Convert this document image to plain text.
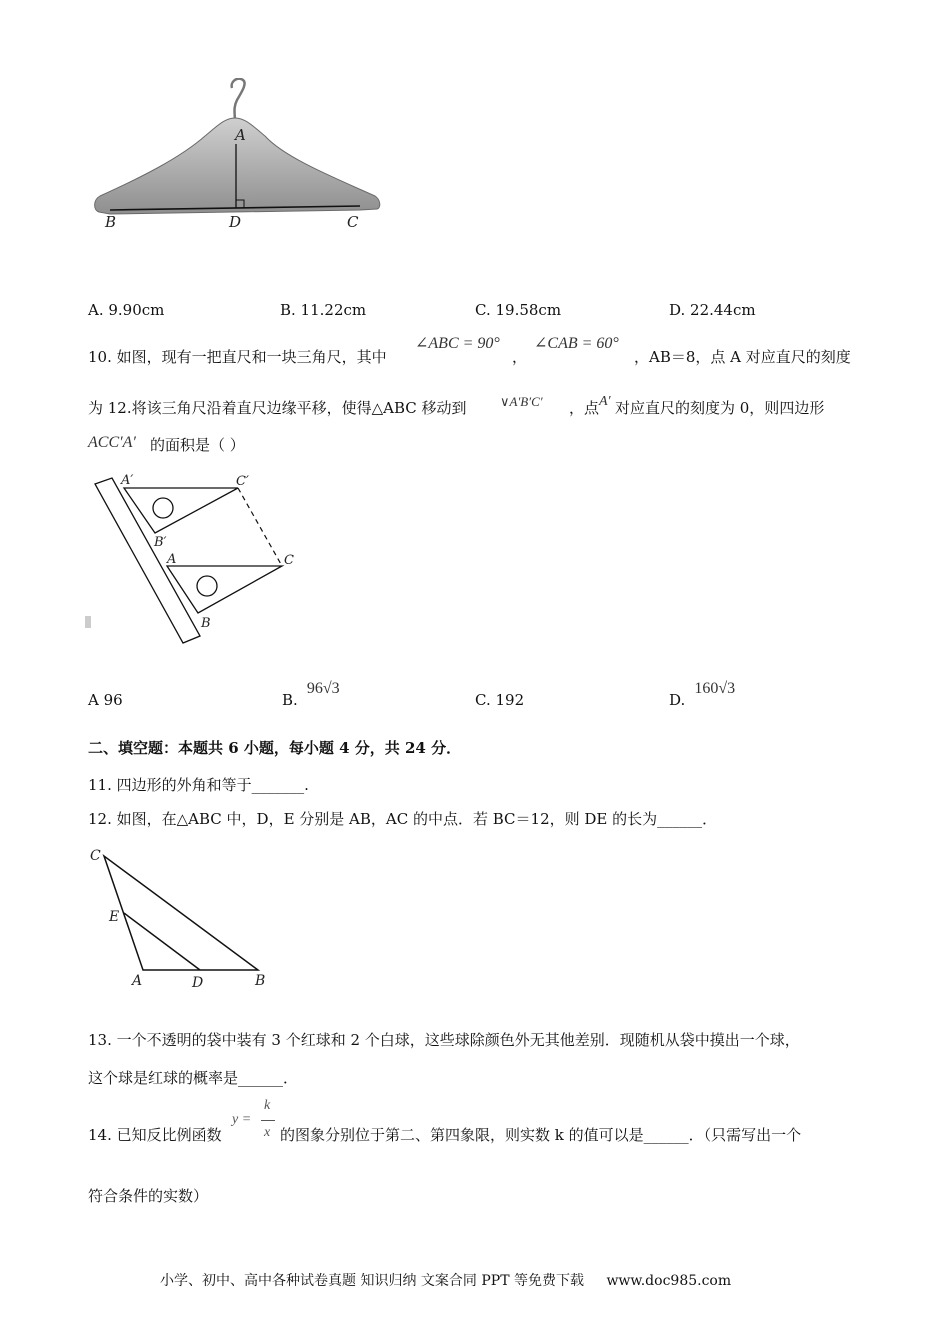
A
B	D	C
A. 9.90cm	B. 11.22cm	C. 19.58cm	D. 22.44cm
10. 如图，现有一把直尺和一块三角尺，其中
∠ABC = 90°
，
∠CAB = 60°
，AB＝8，点 A 对应直尺的刻度
为 12.将该三角尺沿着直尺边缘平移，使得△ABC 移动到	∨A′B′C′ ，点 A′ 对应直尺的刻度为 0，则四边形
ACC′A′ 的面积是（ ）
A′	C′
B′
A	C
B
A 96	B. 96√3
C. 192	D. 160√3
二、填空题：本题共 6 小题，每小题 4 分，共 24 分．
11. 四边形的外角和等于_______.
12. 如图，在△ABC 中，D，E 分别是 AB，AC 的中点．若 BC＝12，则 DE 的长为______．
C
E
A	D	B
13. 一个不透明的袋中装有 3 个红球和 2 个白球，这些球除颜色外无其他差别．现随机从袋中摸出一个球，
这个球是红球的概率是______．
14. 已知反比例函数
y =
k
x 的图象分别位于第二、第四象限，则实数 k 的值可以是______．（只需写出一个
符合条件的实数）
小学、初中、高中各种试卷真题 知识归纳 文案合同 PPT 等免费下载 www.doc985.com
